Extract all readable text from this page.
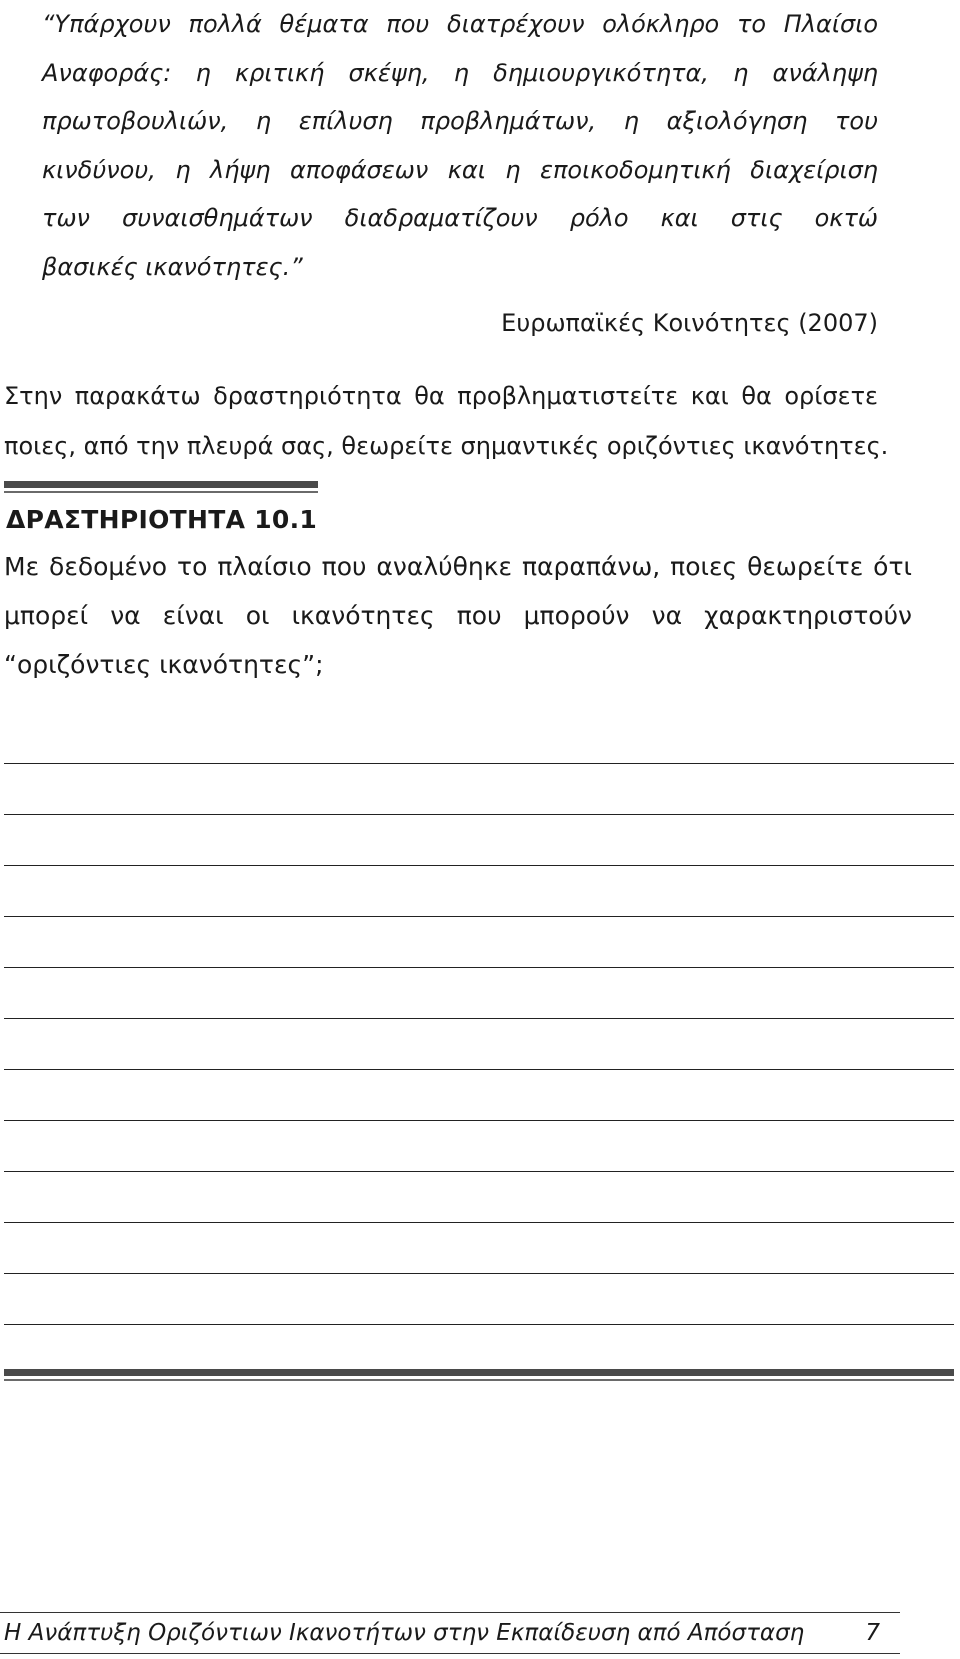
“Υπάρχουν πολλά θέματα που διατρέχουν ολόκληρο το Πλαίσιο
Αναφοράς: η κριτική σκέψη, η δημιουργικότητα, η ανάληψη
πρωτοβουλιών, η επίλυση προβλημάτων, η αξιολόγηση του
κινδύνου, η λήψη αποφάσεων και η εποικοδομητική διαχείριση
των συναισθημάτων διαδραματίζουν ρόλο και στις οκτώ
βασικές ικανότητες.”
Ευρωπαϊκές Κοινότητες (2007)
Στην παρακάτω δραστηριότητα θα προβληματιστείτε και θα ορίσετε
ποιες, από την πλευρά σας, θεωρείτε σημαντικές οριζόντιες ικανότητες.
ΔΡΑΣΤΗΡΙΟΤΗΤΑ 10.1
Με δεδομένο το πλαίσιο που αναλύθηκε παραπάνω, ποιες θεωρείτε ότι
μπορεί να είναι οι ικανότητες που μπορούν να χαρακτηριστούν
“οριζόντιες ικανότητες”;
Η Ανάπτυξη Οριζόντιων Ικανοτήτων στην Εκπαίδευση από Απόσταση	7
